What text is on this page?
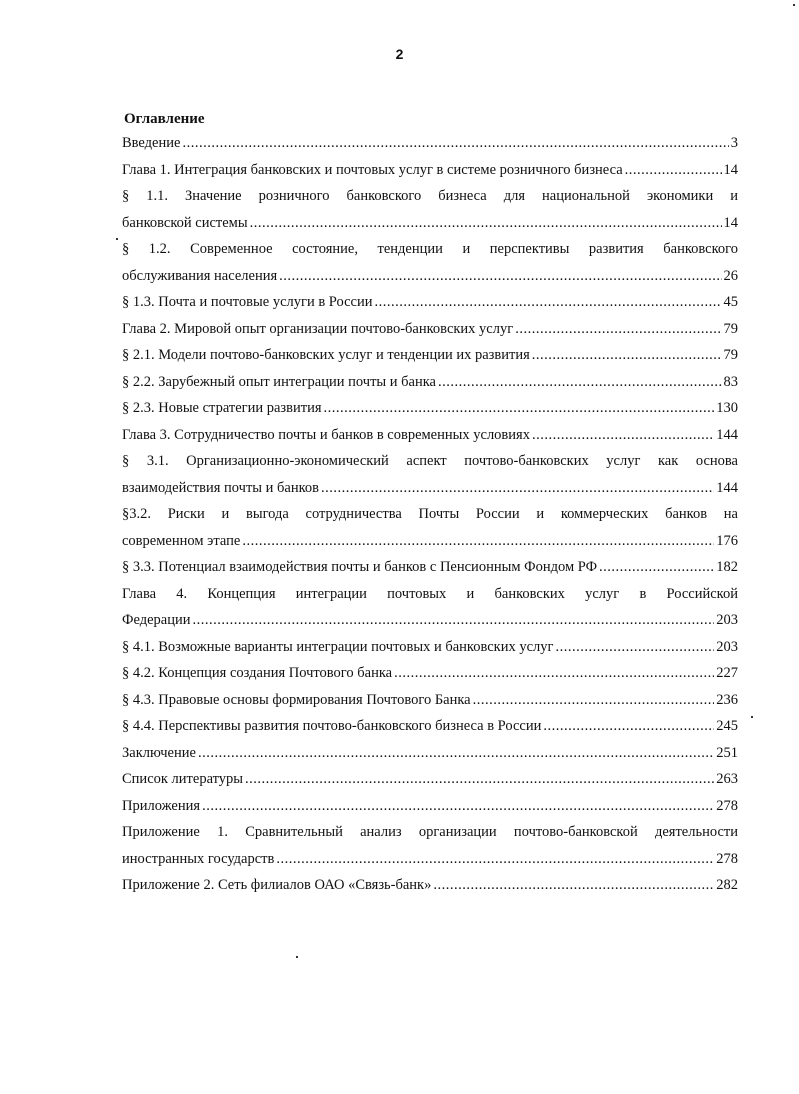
2
Оглавление
Введение .....	3
Глава 1. Интеграция банковских и почтовых услуг в системе розничного бизнеса .....	14
§ 1.1. Значение розничного банковского бизнеса для национальной экономики и
банковской системы .....	14
§ 1.2. Современное состояние, тенденции и перспективы развития банковского
обслуживания населения .....	26
§ 1.3. Почта и почтовые услуги в России .....	45
Глава 2. Мировой опыт организации почтово-банковских услуг .....	79
§ 2.1. Модели почтово-банковских услуг и тенденции их развития .....	79
§ 2.2. Зарубежный опыт интеграции почты и банка .....	83
§ 2.3. Новые стратегии развития .....	130
Глава 3. Сотрудничество почты и банков в современных условиях .....	144
§ 3.1. Организационно-экономический аспект почтово-банковских услуг как основа
взаимодействия почты и банков .....	144
§3.2. Риски и выгода сотрудничества Почты России и коммерческих банков на
современном этапе .....	176
§ 3.3. Потенциал взаимодействия почты и банков с Пенсионным Фондом РФ .....	182
Глава 4. Концепция интеграции почтовых и банковских услуг в Российской
Федерации .....	203
§ 4.1. Возможные варианты интеграции почтовых и банковских услуг .....	203
§ 4.2. Концепция создания Почтового банка .....	227
§ 4.3. Правовые основы формирования Почтового Банка .....	236
§ 4.4. Перспективы развития почтово-банковского бизнеса в России .....	245
Заключение .....	251
Список литературы .....	263
Приложения .....	278
Приложение 1. Сравнительный анализ организации почтово-банковской деятельности
иностранных государств .....	278
Приложение 2. Сеть филиалов ОАО «Связь-банк» .....	282
